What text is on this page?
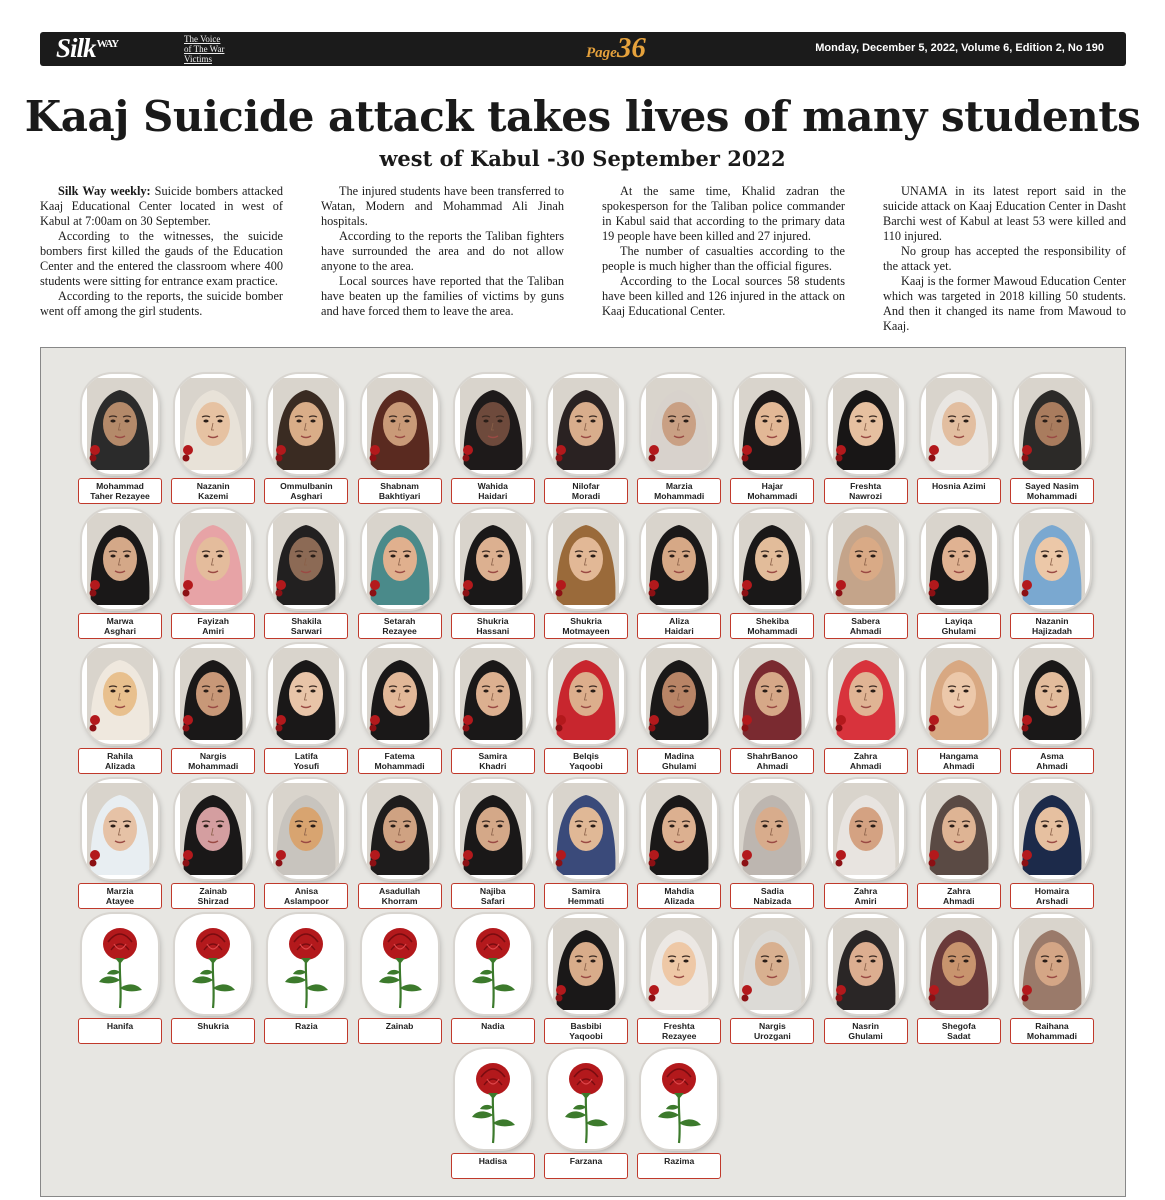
Silk$^{WAY}$	The Voice
of The War
Victims	Page36	Monday, December 5, 2022, Volume 6, Edition 2, No 190
Kaaj Suicide attack takes lives of many students
west of Kabul -30 September 2022

Silk Way weekly: Suicide bombers attacked Kaaj Educational Center located in west of Kabul at 7:00am on 30 September.

According to the witnesses, the suicide bombers first killed the gauds of the Education Center and the entered the classroom where 400 students were sitting for entrance exam practice.

According to the reports, the suicide bomber went off among the girl students.

The injured students have been transferred to Watan, Modern and Mohammad Ali Jinah hospitals.

According to the reports the Taliban fighters have surrounded the area and do not allow anyone to the area.

Local sources have reported that the Taliban have beaten up the families of victims by guns and have forced them to leave the area.

At the same time, Khalid zadran the spokesperson for the Taliban police commander in Kabul said that according to the primary data 19 people have been killed and 27 injured.

The number of casualties according to the people is much higher than the official figures.

According to the Local sources 58 students have been killed and 126 injured in the attack on Kaaj Educational Center.

UNAMA in its latest report said in the suicide attack on Kaaj Education Center in Dasht Barchi west of Kabul at least 53 were killed and 110 injured.

No group has accepted the responsibility of the attack yet.

Kaaj is the former Mawoud Education Center which was targeted in 2018 killing 50 students. And then it changed its name from Mawoud to Kaaj.

Mohammad
Taher Rezayee
Nazanin
Kazemi
Ommulbanin
Asghari
Shabnam
Bakhtiyari
Wahida
Haidari
Nilofar
Moradi
Marzia
Mohammadi
Hajar
Mohammadi
Freshta
Nawrozi
Hosnia Azimi	Sayed Nasim
Mohammadi
Marwa
Asghari
Fayizah
Amiri
Shakila
Sarwari
Setarah
Rezayee
Shukria
Hassani
Shukria
Motmayeen
Aliza
Haidari
Shekiba
Mohammadi
Sabera
Ahmadi
Layiqa
Ghulami
Nazanin
Hajizadah
Rahila
Alizada
Nargis
Mohammadi
Latifa
Yosufi
Fatema
Mohammadi
Samira
Khadri
Belqis
Yaqoobi
Madina
Ghulami
ShahrBanoo
Ahmadi
Zahra
Ahmadi
Hangama
Ahmadi
Asma
Ahmadi
Marzia
Atayee
Zainab
Shirzad
Anisa
Aslampoor
Asadullah
Khorram
Najiba
Safari
Samira
Hemmati
Mahdia
Alizada
Sadia
Nabizada
Zahra
Amiri
Zahra
Ahmadi
Homaira
Arshadi
Hanifa	Shukria	Razia	Zainab	Nadia	Basbibi
Yaqoobi
Freshta
Rezayee
Nargis
Urozgani
Nasrin
Ghulami
Shegofa
Sadat
Raihana
Mohammadi
Hadisa	Farzana	Razima
